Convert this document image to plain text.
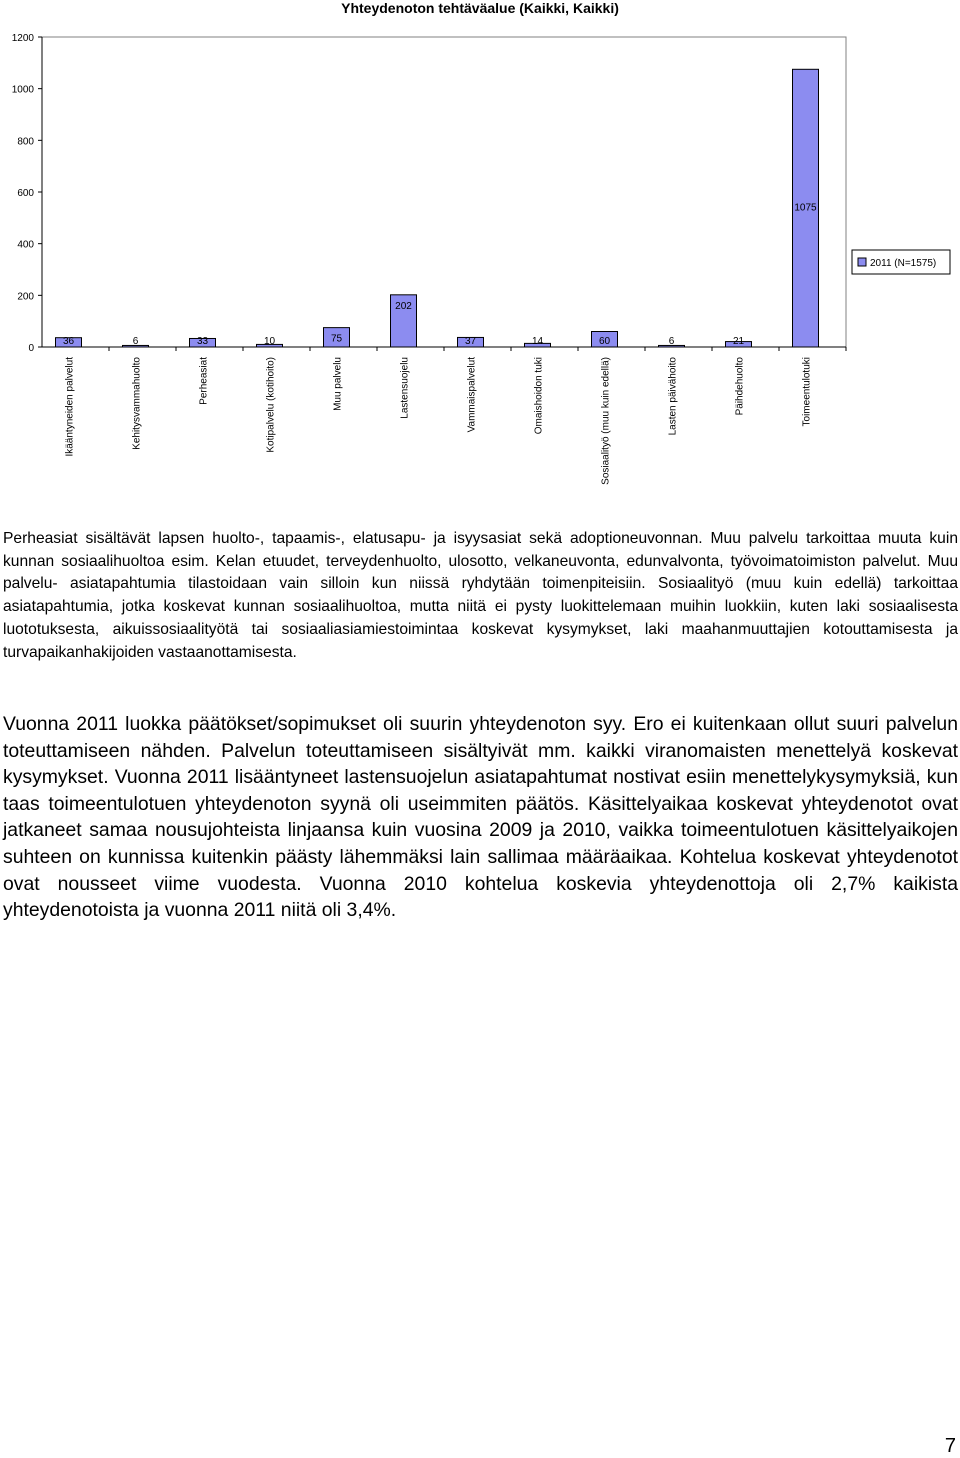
Yhteydenoton tehtäväalue (Kaikki, Kaikki)
0
200
400
600
800
1000
1200
36
Ikääntyneiden palvelut
6
Kehitysvammahuolto
33
Perheasiat
10
Kotipalvelu (kotihoito)
75
Muu palvelu
202
Lastensuojelu
37
Vammaispalvelut
14
Omaishoidon tuki
60
Sosiaalityö (muu kuin edellä)
6
Lasten päivähoito
21
Päihdehuolto
1075
Toimeentulotuki
2011 (N=1575)

Perheasiat sisältävät lapsen huolto-, tapaamis-, elatusapu- ja isyysasiat sekä adoptioneuvonnan. Muu palvelu tarkoittaa muuta kuin kunnan sosiaalihuoltoa esim. Kelan etuudet, terveydenhuolto, ulosotto, velkaneuvonta, edunvalvonta, työvoimatoimiston palvelut. Muu palvelu- asiatapahtumia tilastoidaan vain silloin kun niissä ryhdytään toimenpiteisiin. Sosiaalityö (muu kuin edellä) tarkoittaa asiatapahtumia, jotka koskevat kunnan sosiaalihuoltoa, mutta niitä ei pysty luokittelemaan muihin luokkiin, kuten laki sosiaalisesta luototuksesta, aikuissosiaalityötä tai sosiaaliasiamiestoimintaa koskevat kysymykset, laki maahanmuuttajien kotouttamisesta ja turvapaikanhakijoiden vastaanottamisesta.

Vuonna 2011 luokka päätökset/sopimukset oli suurin yhteydenoton syy. Ero ei kuitenkaan ollut suuri palvelun toteuttamiseen nähden. Palvelun toteuttamiseen sisältyivät mm. kaikki viranomaisten menettelyä koskevat kysymykset. Vuonna 2011 lisääntyneet lastensuojelun asiatapahtumat nostivat esiin menettelykysymyksiä, kun taas toimeentulotuen yhteydenoton syynä oli useimmiten päätös. Käsittelyaikaa koskevat yhteydenotot ovat jatkaneet samaa nousujohteista linjaansa kuin vuosina 2009 ja 2010, vaikka toimeentulotuen käsittelyaikojen suhteen on kunnissa kuitenkin päästy lähemmäksi lain sallimaa määräaikaa. Kohtelua koskevat yhteydenotot ovat nousseet viime vuodesta. Vuonna 2010 kohtelua koskevia yhteydenottoja oli 2,7% kaikista yhteydenotoista ja vuonna 2011 niitä oli 3,4%.

7
